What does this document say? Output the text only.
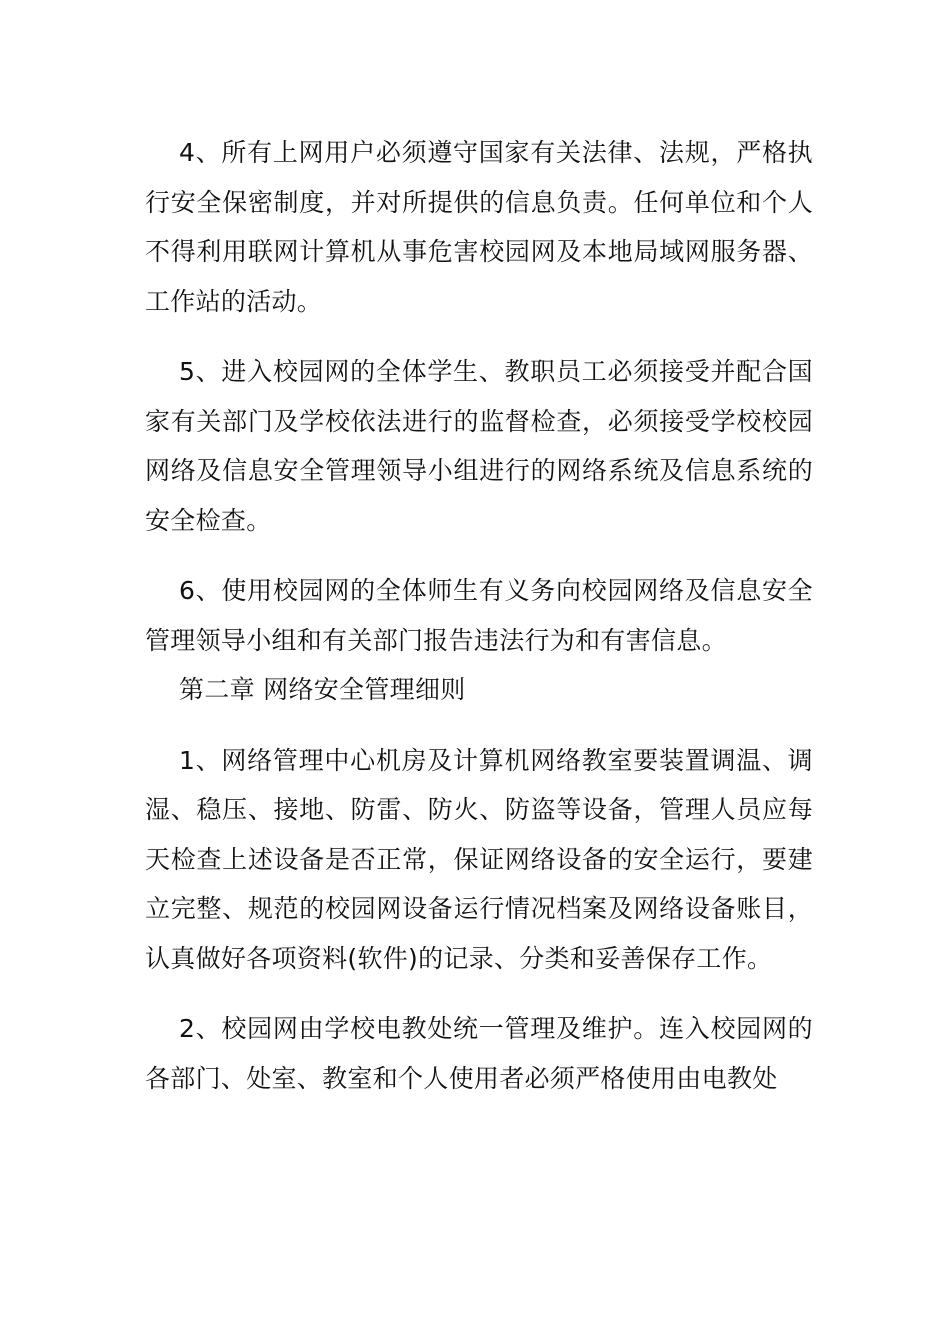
4、所有上网用户必须遵守国家有关法律、法规，严格执行安全保密制度，并对所提供的信息负责。任何单位和个人不得利用联网计算机从事危害校园网及本地局域网服务器、工作站的活动。

5、进入校园网的全体学生、教职员工必须接受并配合国家有关部门及学校依法进行的监督检查，必须接受学校校园网络及信息安全管理领导小组进行的网络系统及信息系统的安全检查。

6、使用校园网的全体师生有义务向校园网络及信息安全管理领导小组和有关部门报告违法行为和有害信息。

第二章 网络安全管理细则

1、网络管理中心机房及计算机网络教室要装置调温、调湿、稳压、接地、防雷、防火、防盗等设备，管理人员应每天检查上述设备是否正常，保证网络设备的安全运行，要建立完整、规范的校园网设备运行情况档案及网络设备账目，认真做好各项资料(软件)的记录、分类和妥善保存工作。

2、校园网由学校电教处统一管理及维护。连入校园网的各部门、处室、教室和个人使用者必须严格使用由电教处
